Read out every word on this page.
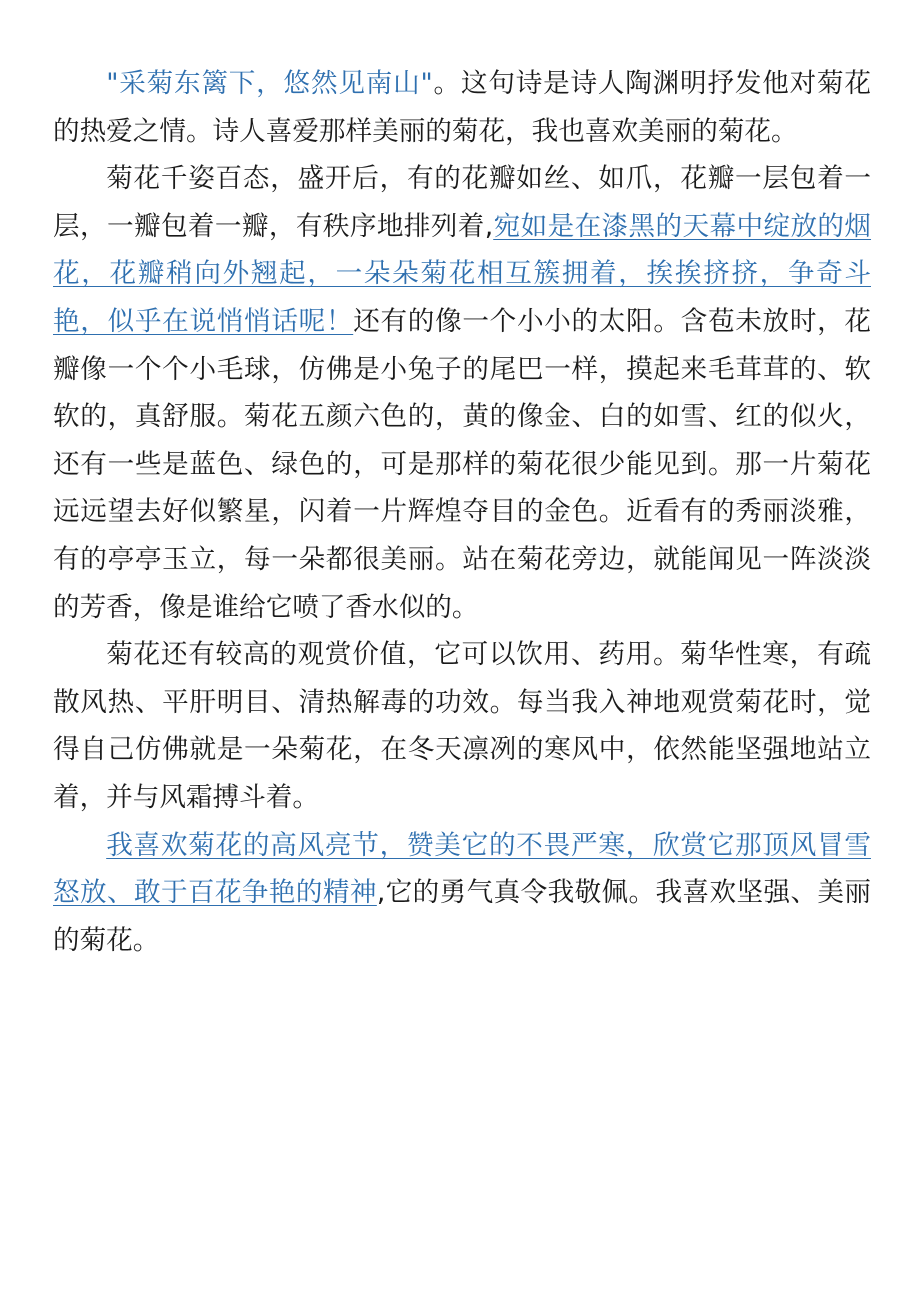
"采菊东篱下，悠然见南山"。这句诗是诗人陶渊明抒发他对菊花的热爱之情。诗人喜爱那样美丽的菊花，我也喜欢美丽的菊花。

菊花千姿百态，盛开后，有的花瓣如丝、如爪，花瓣一层包着一层，一瓣包着一瓣，有秩序地排列着,宛如是在漆黑的天幕中绽放的烟花，花瓣稍向外翘起，一朵朵菊花相互簇拥着，挨挨挤挤，争奇斗艳，似乎在说悄悄话呢！还有的像一个小小的太阳。含苞未放时，花瓣像一个个小毛球，仿佛是小兔子的尾巴一样，摸起来毛茸茸的、软软的，真舒服。菊花五颜六色的，黄的像金、白的如雪、红的似火，还有一些是蓝色、绿色的，可是那样的菊花很少能见到。那一片菊花远远望去好似繁星，闪着一片辉煌夺目的金色。近看有的秀丽淡雅，有的亭亭玉立，每一朵都很美丽。站在菊花旁边，就能闻见一阵淡淡的芳香，像是谁给它喷了香水似的。

菊花还有较高的观赏价值，它可以饮用、药用。菊华性寒，有疏散风热、平肝明目、清热解毒的功效。每当我入神地观赏菊花时，觉得自己仿佛就是一朵菊花，在冬天凛冽的寒风中，依然能坚强地站立着，并与风霜搏斗着。

我喜欢菊花的高风亮节，赞美它的不畏严寒，欣赏它那顶风冒雪怒放、敢于百花争艳的精神,它的勇气真令我敬佩。我喜欢坚强、美丽的菊花。
